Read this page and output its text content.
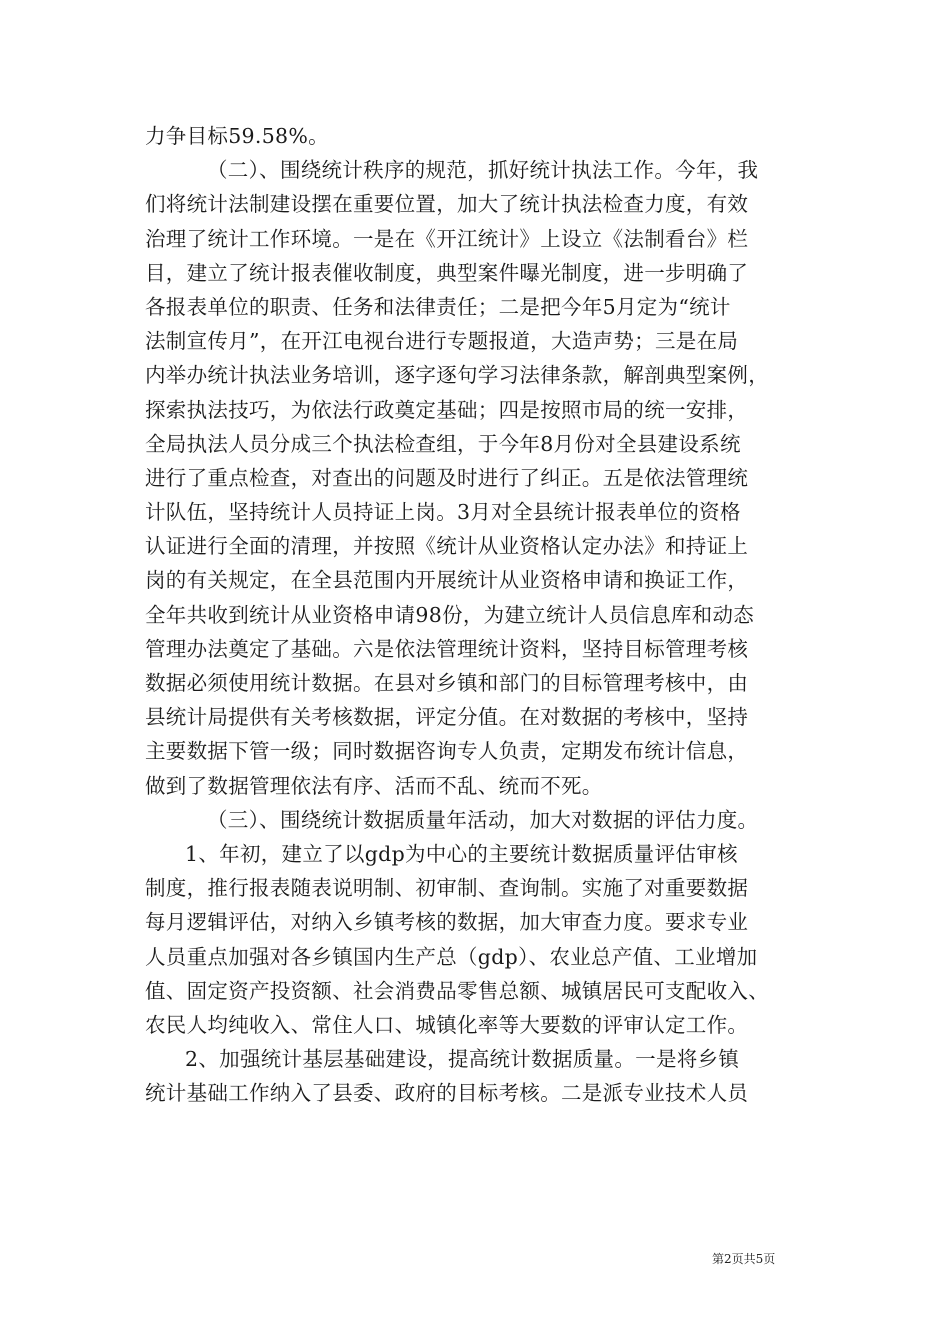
力争目标59.58%。
（二）、围绕统计秩序的规范，抓好统计执法工作。今年，我
们将统计法制建设摆在重要位置，加大了统计执法检查力度，有效
治理了统计工作环境。一是在《开江统计》上设立《法制看台》栏
目，建立了统计报表催收制度，典型案件曝光制度，进一步明确了
各报表单位的职责、任务和法律责任；二是把今年5月定为“统计
法制宣传月”，在开江电视台进行专题报道，大造声势；三是在局
内举办统计执法业务培训，逐字逐句学习法律条款，解剖典型案例，
探索执法技巧，为依法行政奠定基础；四是按照市局的统一安排，
全局执法人员分成三个执法检查组，于今年8月份对全县建设系统
进行了重点检查，对查出的问题及时进行了纠正。五是依法管理统
计队伍，坚持统计人员持证上岗。3月对全县统计报表单位的资格
认证进行全面的清理，并按照《统计从业资格认定办法》和持证上
岗的有关规定，在全县范围内开展统计从业资格申请和换证工作，
全年共收到统计从业资格申请98份，为建立统计人员信息库和动态
管理办法奠定了基础。六是依法管理统计资料，坚持目标管理考核
数据必须使用统计数据。在县对乡镇和部门的目标管理考核中，由
县统计局提供有关考核数据，评定分值。在对数据的考核中，坚持
主要数据下管一级；同时数据咨询专人负责，定期发布统计信息，
做到了数据管理依法有序、活而不乱、统而不死。
（三）、围绕统计数据质量年活动，加大对数据的评估力度。
1、年初，建立了以gdp为中心的主要统计数据质量评估审核
制度，推行报表随表说明制、初审制、查询制。实施了对重要数据
每月逻辑评估，对纳入乡镇考核的数据，加大审查力度。要求专业
人员重点加强对各乡镇国内生产总（gdp）、农业总产值、工业增加
值、固定资产投资额、社会消费品零售总额、城镇居民可支配收入、
农民人均纯收入、常住人口、城镇化率等大要数的评审认定工作。
2、加强统计基层基础建设，提高统计数据质量。一是将乡镇
统计基础工作纳入了县委、政府的目标考核。二是派专业技术人员
第2页共5页
